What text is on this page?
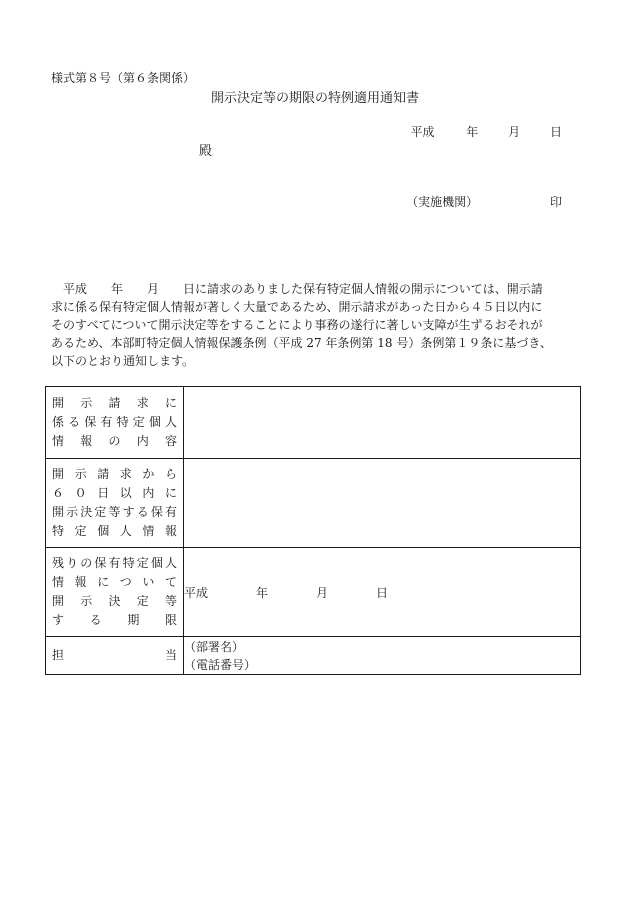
様式第８号（第６条関係）
開示決定等の期限の特例適用通知書
平成	年 月 日
殿
（実施機関）	印

平成　　年　　月　　日に請求のありました保有特定個人情報の開示については、開示請

求に係る保有特定個人情報が著しく大量であるため、開示請求があった日から４５日以内に

そのすべてについて開示決定等をすることにより事務の遂行に著しい支障が生ずるおそれが

あるため、本部町特定個人情報保護条例（平成 27 年条例第 18 号）条例第１９条に基づき、

以下のとおり通知します。

開示請求に
係る保有特定個人
情報の内容	

開示請求から
６０日以内に
開示決定等する保有
特定個人情報	

残りの保有特定個人
情報について
開示決定等
する期限	平成 年 月 日

担当	（部署名）
（電話番号）
